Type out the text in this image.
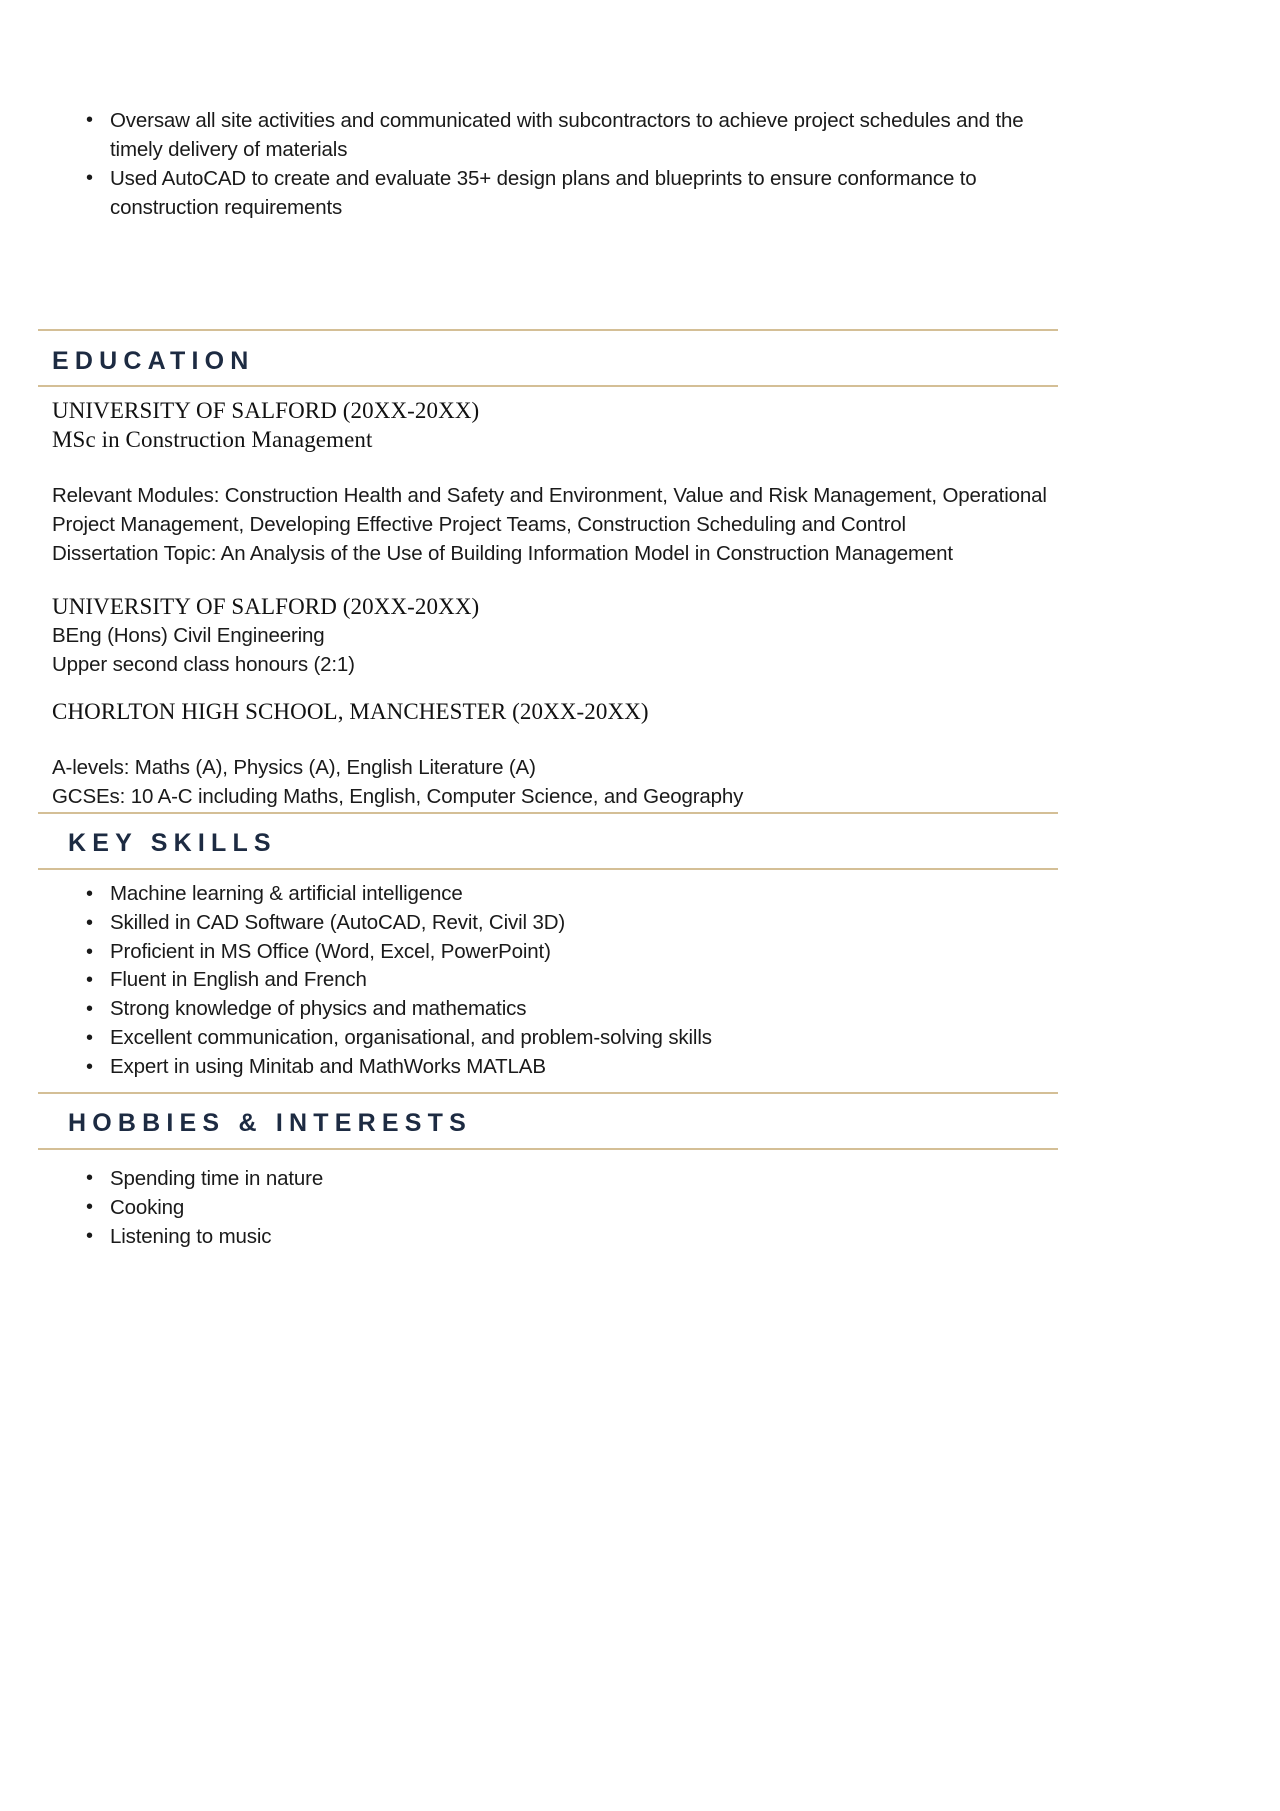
• Oversaw all site activities and communicated with subcontractors to achieve project schedules and the timely delivery of materials
• Used AutoCAD to create and evaluate 35+ design plans and blueprints to ensure conformance to construction requirements
EDUCATION
UNIVERSITY OF SALFORD (20XX-20XX)
MSc in Construction Management
Relevant Modules: Construction Health and Safety and Environment, Value and Risk Management, Operational Project Management, Developing Effective Project Teams, Construction Scheduling and Control
Dissertation Topic: An Analysis of the Use of Building Information Model in Construction Management
UNIVERSITY OF SALFORD (20XX-20XX)
BEng (Hons) Civil Engineering
Upper second class honours (2:1)
CHORLTON HIGH SCHOOL, MANCHESTER (20XX-20XX)
A-levels: Maths (A), Physics (A), English Literature (A)
GCSEs: 10 A-C including Maths, English, Computer Science, and Geography
KEY SKILLS
• Machine learning & artificial intelligence
• Skilled in CAD Software (AutoCAD, Revit, Civil 3D)
• Proficient in MS Office (Word, Excel, PowerPoint)
• Fluent in English and French
• Strong knowledge of physics and mathematics
• Excellent communication, organisational, and problem-solving skills
• Expert in using Minitab and MathWorks MATLAB
HOBBIES & INTERESTS
• Spending time in nature
• Cooking
• Listening to music
